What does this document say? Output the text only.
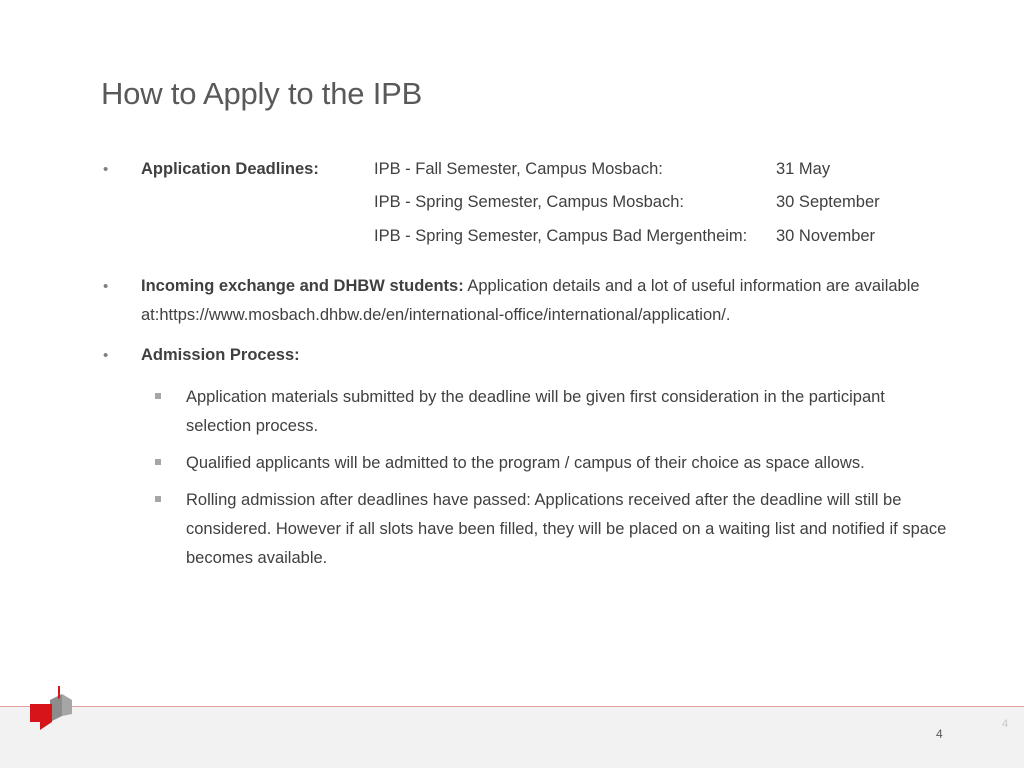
How to Apply to the IPB
• Application Deadlines:	IPB - Fall Semester, Campus Mosbach:	31 May
IPB - Spring Semester, Campus Mosbach:	30 September
IPB - Spring Semester, Campus Bad Mergentheim: 30 November
• Incoming exchange and DHBW students: Application details and a lot of useful information are available at:https://www.mosbach.dhbw.de/en/international-office/international/application/.
• Admission Process:
Application materials submitted by the deadline will be given first consideration in the participant selection process.
Qualified applicants will be admitted to the program / campus of their choice as space allows.
Rolling admission after deadlines have passed: Applications received after the deadline will still be considered. However if all slots have been filled, they will be placed on a waiting list and notified if space becomes available.
4
4
